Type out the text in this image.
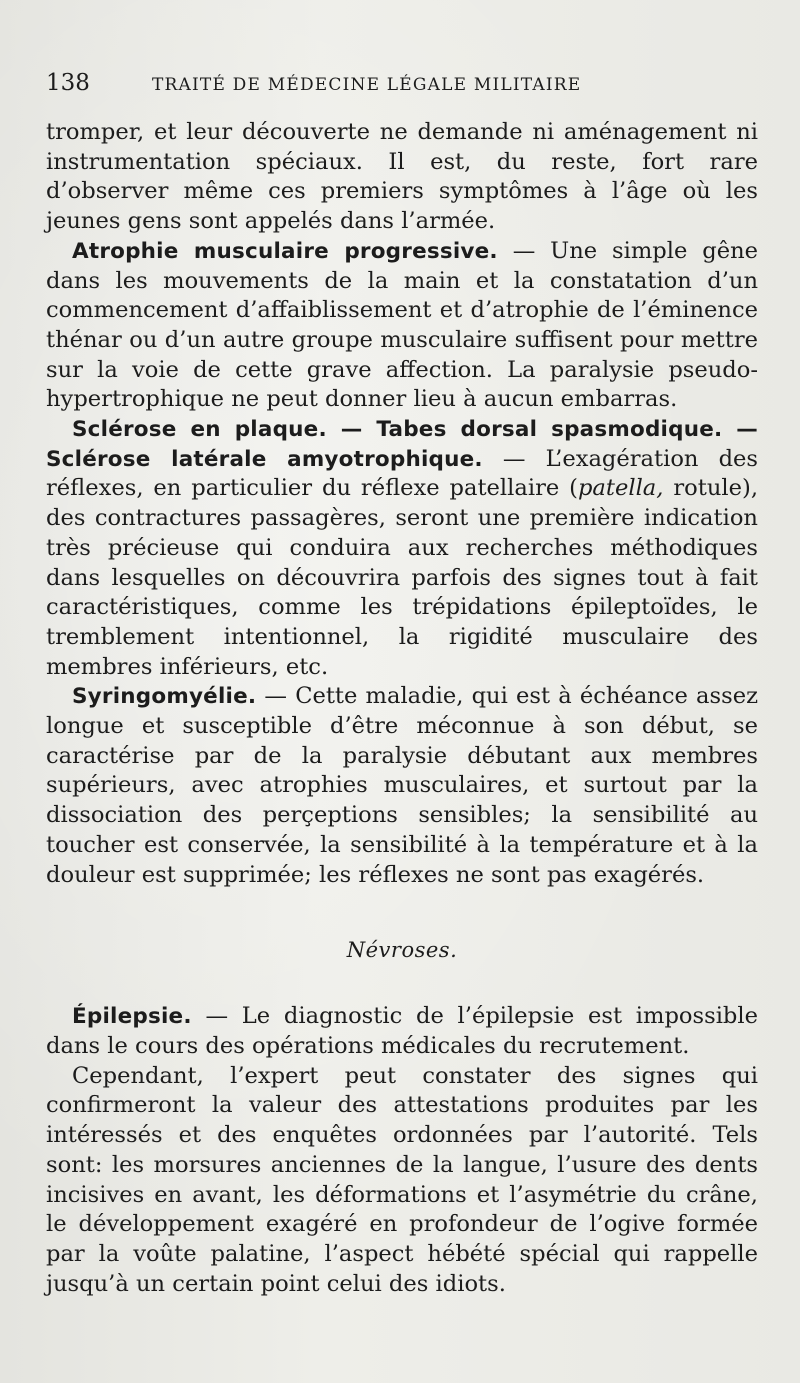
138	TRAITÉ DE MÉDECINE LÉGALE MILITAIRE

tromper, et leur découverte ne demande ni aménagement ni instrumentation spéciaux. Il est, du reste, fort rare d’observer même ces premiers symptômes à l’âge où les jeunes gens sont appelés dans l’armée.

Atrophie musculaire progressive. — Une simple gêne dans les mouvements de la main et la constatation d’un commencement d’affaiblissement et d’atrophie de l’éminence thénar ou d’un autre groupe musculaire suffisent pour mettre sur la voie de cette grave affection. La paralysie pseudo-hypertrophique ne peut donner lieu à aucun embarras.

Sclérose en plaque. — Tabes dorsal spasmodique. — Sclérose latérale amyotrophique. — L’exagération des réflexes, en particulier du réflexe patellaire (patella, rotule), des contractures passagères, seront une première indication très précieuse qui conduira aux recherches méthodiques dans lesquelles on découvrira parfois des signes tout à fait caractéristiques, comme les trépidations épileptoïdes, le tremblement intentionnel, la rigidité musculaire des membres inférieurs, etc.

Syringomyélie. — Cette maladie, qui est à échéance assez longue et susceptible d’être méconnue à son début, se caractérise par de la paralysie débutant aux membres supérieurs, avec atrophies musculaires, et surtout par la dissociation des perçeptions sensibles; la sensibilité au toucher est conservée, la sensibilité à la température et à la douleur est supprimée; les réflexes ne sont pas exagérés.

Névroses.

Épilepsie. — Le diagnostic de l’épilepsie est impossible dans le cours des opérations médicales du recrutement.

Cependant, l’expert peut constater des signes qui confirmeront la valeur des attestations produites par les intéressés et des enquêtes ordonnées par l’autorité. Tels sont: les morsures anciennes de la langue, l’usure des dents incisives en avant, les déformations et l’asymétrie du crâne, le développement exagéré en profondeur de l’ogive formée par la voûte palatine, l’aspect hébété spécial qui rappelle jusqu’à un certain point celui des idiots.
